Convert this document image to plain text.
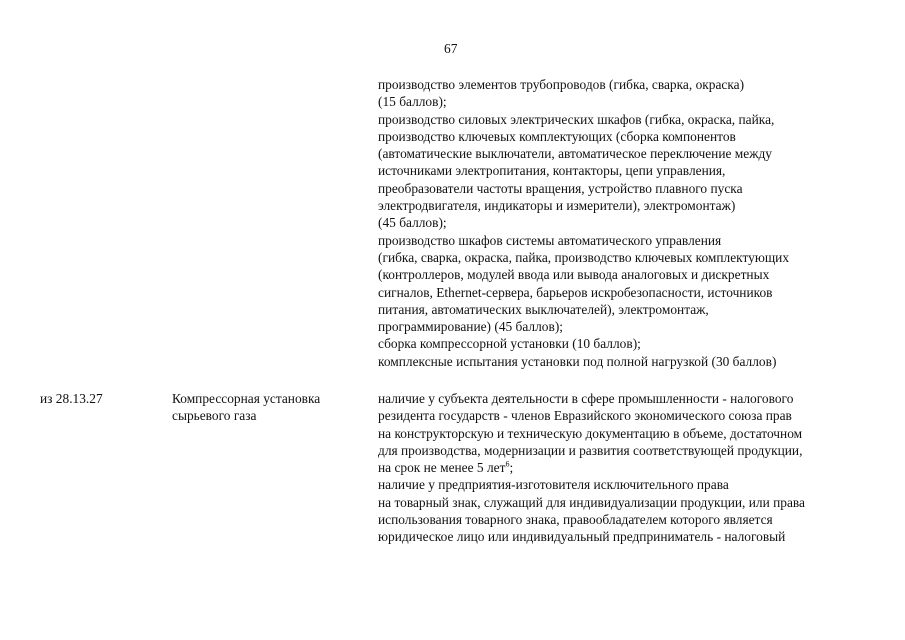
67
производство элементов трубопроводов (гибка, сварка, окраска)
(15 баллов);
производство силовых электрических шкафов (гибка, окраска, пайка,
производство ключевых комплектующих (сборка компонентов
(автоматические выключатели, автоматическое переключение между
источниками электропитания, контакторы, цепи управления,
преобразователи частоты вращения, устройство плавного пуска
электродвигателя, индикаторы и измерители), электромонтаж)
(45 баллов);
производство шкафов системы автоматического управления
(гибка, сварка, окраска, пайка, производство ключевых комплектующих
(контроллеров, модулей ввода или вывода аналоговых и дискретных
сигналов, Ethernet-сервера, барьеров искробезопасности, источников
питания, автоматических выключателей), электромонтаж,
программирование) (45 баллов);
сборка компрессорной установки (10 баллов);
комплексные испытания установки под полной нагрузкой (30 баллов)
из 28.13.27	Компрессорная установка
сырьевого газа
наличие у субъекта деятельности в сфере промышленности - налогового
резидента государств - членов Евразийского экономического союза прав
на конструкторскую и техническую документацию в объеме, достаточном
для производства, модернизации и развития соответствующей продукции,
на срок не менее 5 лет$^6$;
наличие у предприятия-изготовителя исключительного права
на товарный знак, служащий для индивидуализации продукции, или права
использования товарного знака, правообладателем которого является
юридическое лицо или индивидуальный предприниматель - налоговый
